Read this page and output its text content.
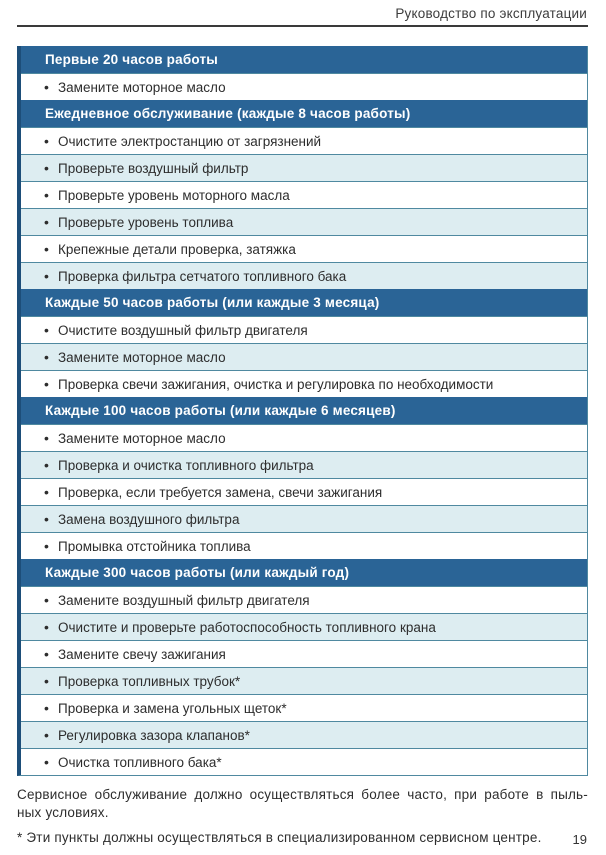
Руководство по эксплуатации
Первые 20 часов работы
• Замените моторное масло
Ежедневное обслуживание (каждые 8 часов работы)
• Очистите электростанцию от загрязнений
• Проверьте воздушный фильтр
• Проверьте уровень моторного масла
• Проверьте уровень топлива
• Крепежные детали проверка, затяжка
• Проверка фильтра сетчатого топливного бака
Каждые 50 часов работы (или каждые 3 месяца)
• Очистите воздушный фильтр двигателя
• Замените моторное масло
• Проверка свечи зажигания, очистка и регулировка по необходимости
Каждые 100 часов работы (или каждые 6 месяцев)
• Замените моторное масло
• Проверка и очистка топливного фильтра
• Проверка, если требуется замена, свечи зажигания
• Замена воздушного фильтра
• Промывка отстойника топлива
Каждые 300 часов работы (или каждый год)
• Замените воздушный фильтр двигателя
• Очистите и проверьте работоспособность топливного крана
• Замените свечу зажигания
• Проверка топливных трубок*
• Проверка и замена угольных щеток*
• Регулировка зазора клапанов*
• Очистка топливного бака*
Сервисное обслуживание должно осуществляться более часто, при работе в пыль-
ных условиях.
* Эти пункты должны осуществляться в специализированном сервисном центре.	19
